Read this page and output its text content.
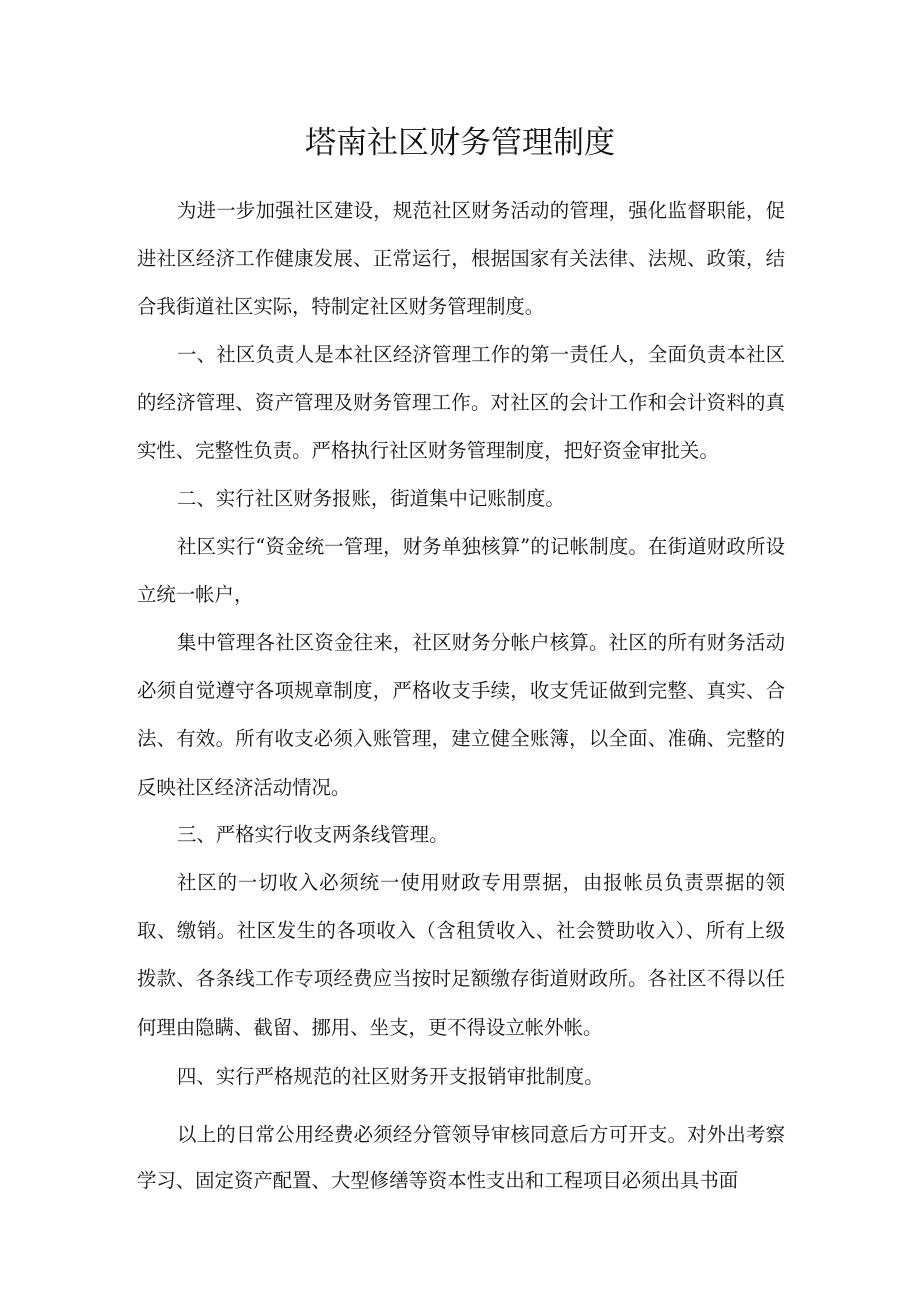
塔南社区财务管理制度

为进一步加强社区建设，规范社区财务活动的管理，强化监督职能，促进社区经济工作健康发展、正常运行，根据国家有关法律、法规、政策，结合我街道社区实际，特制定社区财务管理制度。

一、社区负责人是本社区经济管理工作的第一责任人，全面负责本社区的经济管理、资产管理及财务管理工作。对社区的会计工作和会计资料的真实性、完整性负责。严格执行社区财务管理制度，把好资金审批关。

二、实行社区财务报账，街道集中记账制度。

社区实行“资金统一管理，财务单独核算”的记帐制度。在街道财政所设立统一帐户，

集中管理各社区资金往来，社区财务分帐户核算。社区的所有财务活动必须自觉遵守各项规章制度，严格收支手续，收支凭证做到完整、真实、合法、有效。所有收支必须入账管理，建立健全账簿，以全面、准确、完整的反映社区经济活动情况。

三、严格实行收支两条线管理。

社区的一切收入必须统一使用财政专用票据，由报帐员负责票据的领取、缴销。社区发生的各项收入（含租赁收入、社会赞助收入）、所有上级拨款、各条线工作专项经费应当按时足额缴存街道财政所。各社区不得以任何理由隐瞒、截留、挪用、坐支，更不得设立帐外帐。

四、实行严格规范的社区财务开支报销审批制度。

以上的日常公用经费必须经分管领导审核同意后方可开支。对外出考察学习、固定资产配置、大型修缮等资本性支出和工程项目必须出具书面
